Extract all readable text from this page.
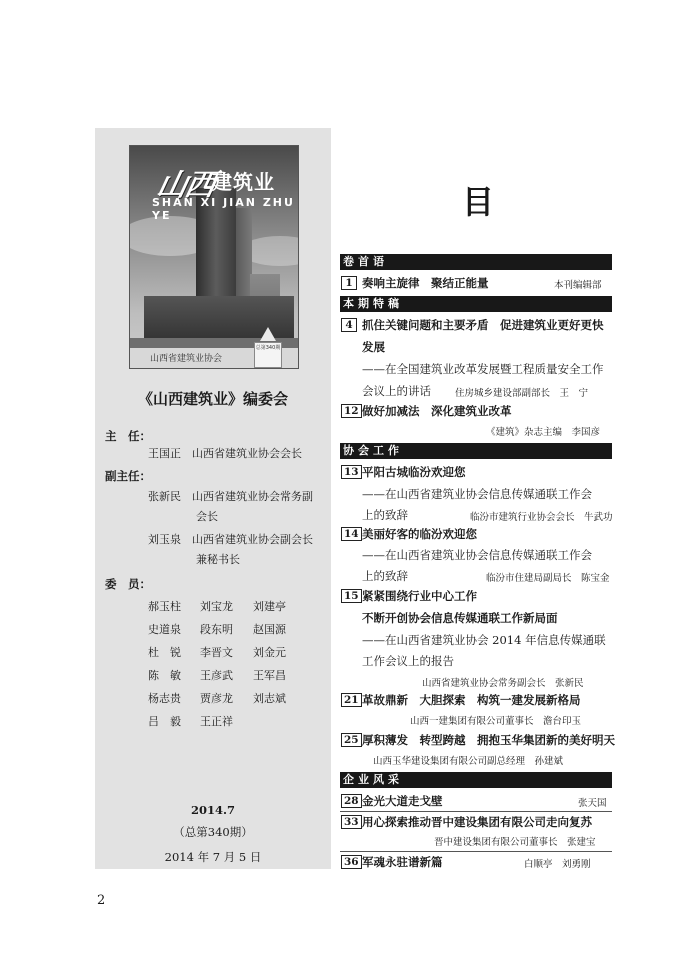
山西
建筑业
SHAN XI JIAN ZHU YE
山西省建筑业协会
总第340期
《山西建筑业》编委会
主　任：
王国正　山西省建筑业协会会长
副主任：
张新民　山西省建筑业协会常务副
会长
刘玉泉　山西省建筑业协会副会长
兼秘书长
委　员：
郝玉柱 刘宝龙 刘建亭
史道泉 段东明 赵国源
杜　锐 李晋文 刘金元
陈　敏 王彦武 王军昌
杨志贵 贾彦龙 刘志斌
吕　毅 王正祥
2014.7
（总第340期）
2014 年 7 月 5 日
目
卷首语
1 奏响主旋律　聚结正能量	本刊编辑部
本期特稿
4 抓住关键问题和主要矛盾　促进建筑业更好更快
发展
——在全国建筑业改革发展暨工程质量安全工作
会议上的讲话	住房城乡建设部副部长　王　宁
12 做好加减法　深化建筑业改革
《建筑》杂志主编　李国彦
协会工作
13 平阳古城临汾欢迎您
——在山西省建筑业协会信息传媒通联工作会
上的致辞	临汾市建筑行业协会会长　牛武功
14 美丽好客的临汾欢迎您
——在山西省建筑业协会信息传媒通联工作会
上的致辞	临汾市住建局副局长　陈宝金
15 紧紧围绕行业中心工作
不断开创协会信息传媒通联工作新局面
——在山西省建筑业协会 2014 年信息传媒通联
工作会议上的报告
山西省建筑业协会常务副会长　张新民
21 革故鼎新　大胆探索　构筑一建发展新格局
山西一建集团有限公司董事长　澹台印玉
25 厚积薄发　转型跨越　拥抱玉华集团新的美好明天
山西玉华建设集团有限公司副总经理　孙建斌
企业风采
28 金光大道走戈壁	张天国
33 用心探索推动晋中建设集团有限公司走向复苏
晋中建设集团有限公司董事长　张建宝
36 军魂永驻谱新篇	白顺亭　刘勇刚
2
